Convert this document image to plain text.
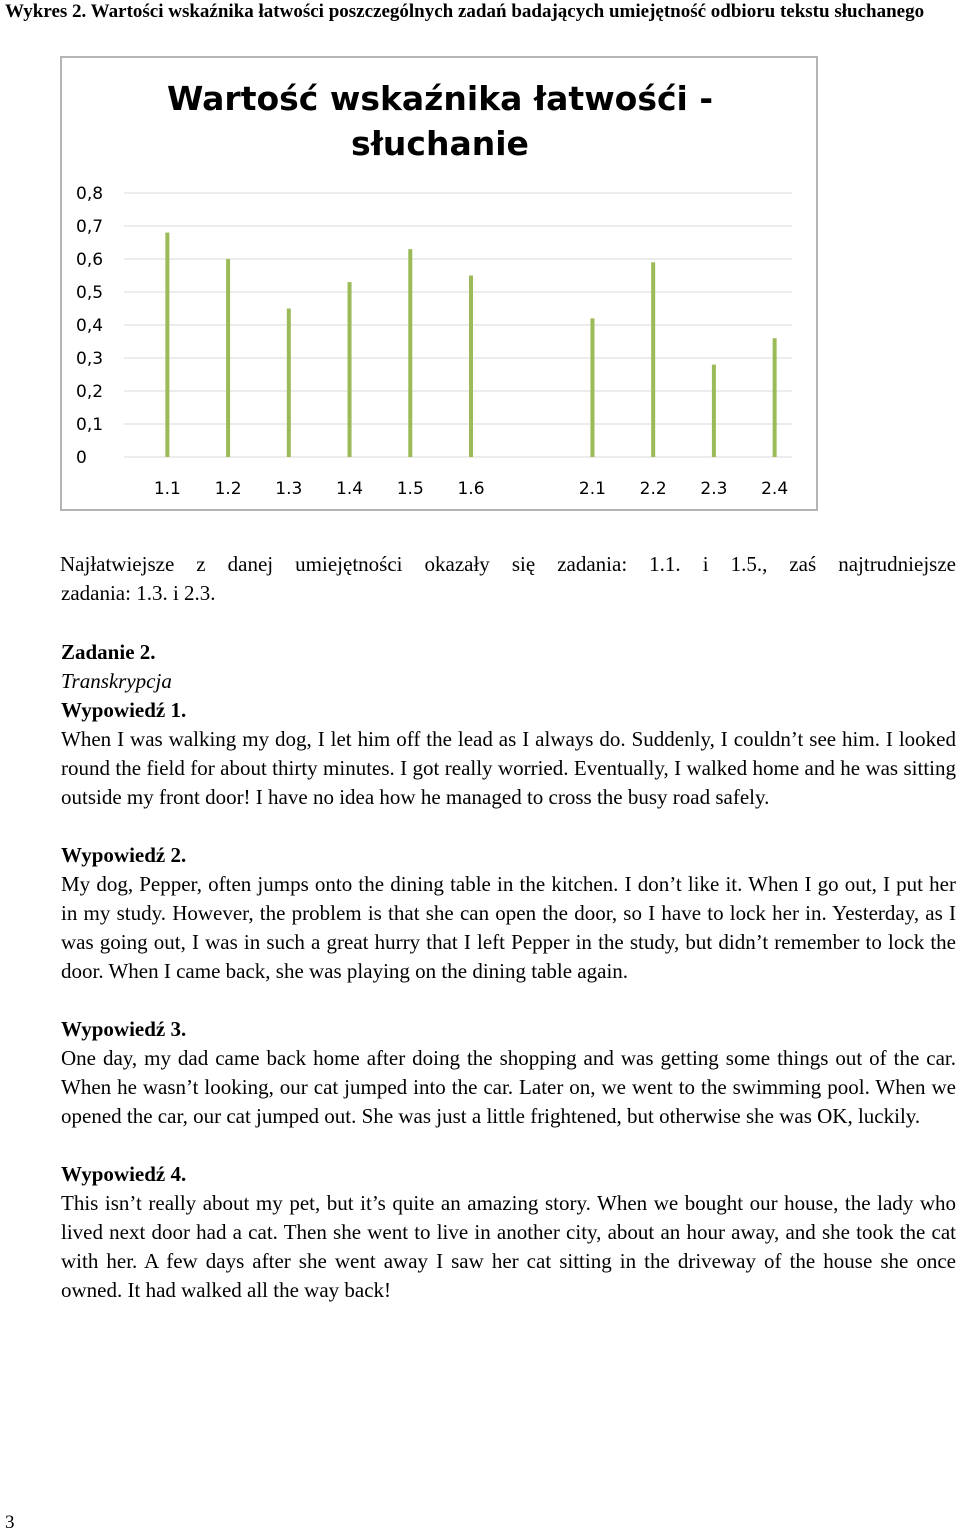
Wykres 2. Wartości wskaźnika łatwości poszczególnych zadań badających umiejętność odbioru tekstu słuchanego
Wartość wskaźnika łatwośći -
słuchanie
0
0,1
0,2
0,3
0,4
0,5
0,6
0,7
0,8
1.1 1.2 1.3 1.4 1.5 1.6	2.1 2.2 2.3 2.4
Najłatwiejsze z danej umiejętności okazały się zadania: 1.1. i 1.5., zaś najtrudniejsze
zadania: 1.3. i 2.3.
Zadanie 2.
Transkrypcja
Wypowiedź 1.
When I was walking my dog, I let him off the lead as I always do. Suddenly, I couldn’t see him. I looked round the field for about thirty minutes. I got really worried. Eventually, I walked home and he was sitting outside my front door! I have no idea how he managed to cross the busy road safely.
Wypowiedź 2.
My dog, Pepper, often jumps onto the dining table in the kitchen. I don’t like it. When I go out, I put her in my study. However, the problem is that she can open the door, so I have to lock her in. Yesterday, as I was going out, I was in such a great hurry that I left Pepper in the study, but didn’t remember to lock the door. When I came back, she was playing on the dining table again.
Wypowiedź 3.
One day, my dad came back home after doing the shopping and was getting some things out of the car. When he wasn’t looking, our cat jumped into the car. Later on, we went to the swimming pool. When we opened the car, our cat jumped out. She was just a little frightened, but otherwise she was OK, luckily.
Wypowiedź 4.
This isn’t really about my pet, but it’s quite an amazing story. When we bought our house, the lady who lived next door had a cat. Then she went to live in another city, about an hour away, and she took the cat with her. A few days after she went away I saw her cat sitting in the driveway of the house she once owned. It had walked all the way back!
3
